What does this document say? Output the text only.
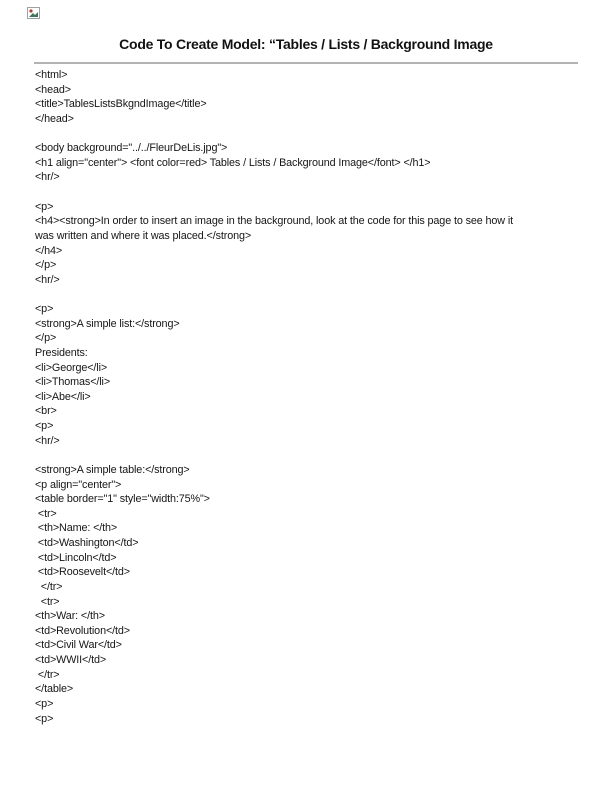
Code To Create Model: “Tables / Lists / Background Image
<html>
<head>
<title>TablesListsBkgndImage</title>
</head>

<body background="../../FleurDeLis.jpg">
<h1 align="center"> <font color=red> Tables / Lists / Background Image</font> </h1>
<hr/>

<p>
<h4><strong>In order to insert an image in the background, look at the code for this page to see how it
was written and where it was placed.</strong>
</h4>
</p>
<hr/>

<p>
<strong>A simple list:</strong>
</p>
Presidents:
<li>George</li>
<li>Thomas</li>
<li>Abe</li>
<br>
<p>
<hr/>

<strong>A simple table:</strong>
<p align="center">
<table border="1" style="width:75%">
<tr>
<th>Name: </th>
<td>Washington</td>
<td>Lincoln</td>
<td>Roosevelt</td>
</tr>
<tr>
<th>War: </th>
<td>Revolution</td>
<td>Civil War</td>
<td>WWII</td>
</tr>
</table>
<p>
<p>
